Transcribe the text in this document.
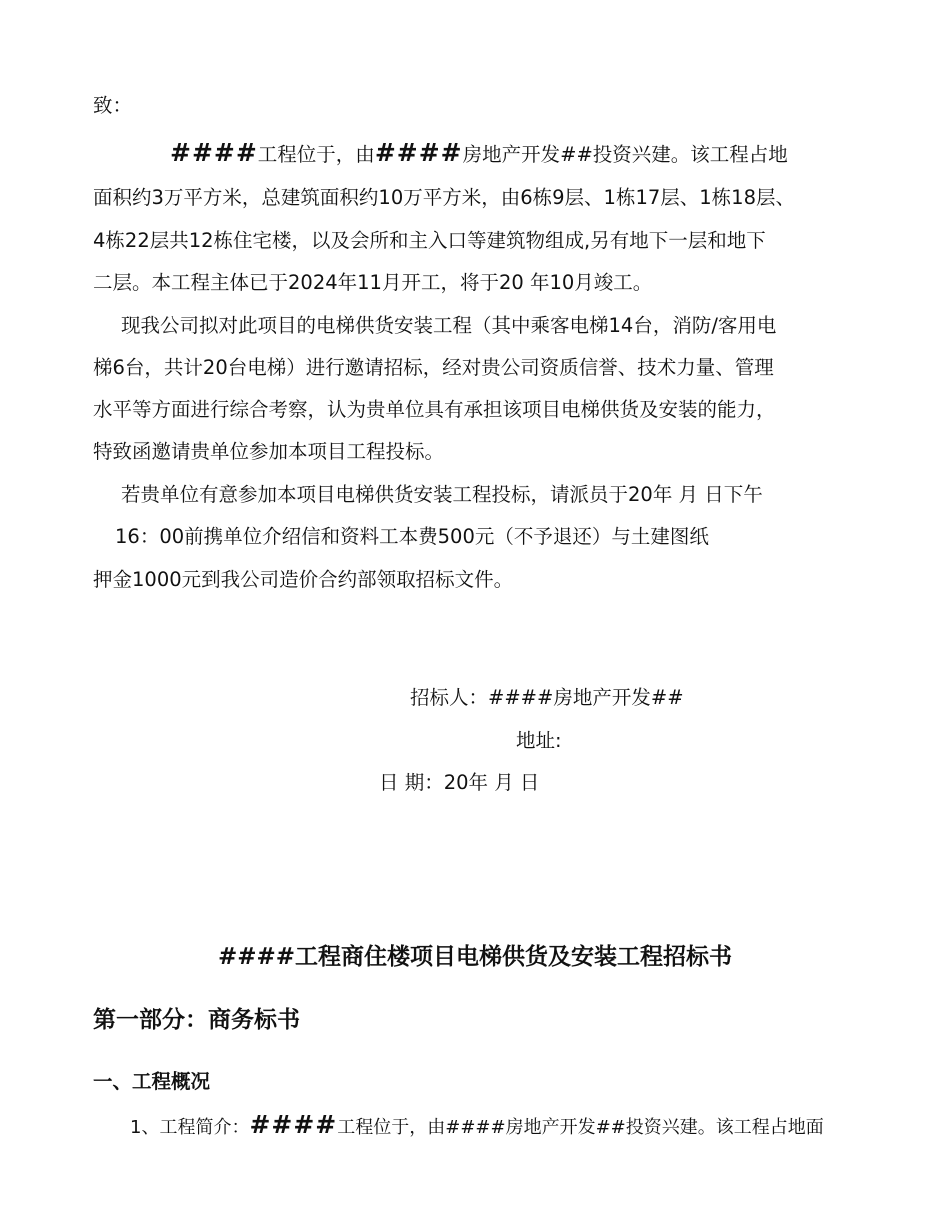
致：
####工程位于，由####房地产开发##投资兴建。该工程占地
面积约3万平方米，总建筑面积约10万平方米，由6栋9层、1栋17层、1栋18层、
4栋22层共12栋住宅楼，以及会所和主入口等建筑物组成,另有地下一层和地下
二层。本工程主体已于2024年11月开工，将于20 年10月竣工。
现我公司拟对此项目的电梯供货安装工程（其中乘客电梯14台，消防/客用电
梯6台，共计20台电梯）进行邀请招标，经对贵公司资质信誉、技术力量、管理
水平等方面进行综合考察，认为贵单位具有承担该项目电梯供货及安装的能力，
特致函邀请贵单位参加本项目工程投标。
若贵单位有意参加本项目电梯供货安装工程投标，请派员于20年 月 日下午
16：00前携单位介绍信和资料工本费500元（不予退还）与土建图纸
押金1000元到我公司造价合约部领取招标文件。
招标人：####房地产开发##
地址:
日 期：20年 月 日
####工程商住楼项目电梯供货及安装工程招标书
第一部分：商务标书
一、工程概况
1、工程简介：####工程位于，由####房地产开发##投资兴建。该工程占地面
